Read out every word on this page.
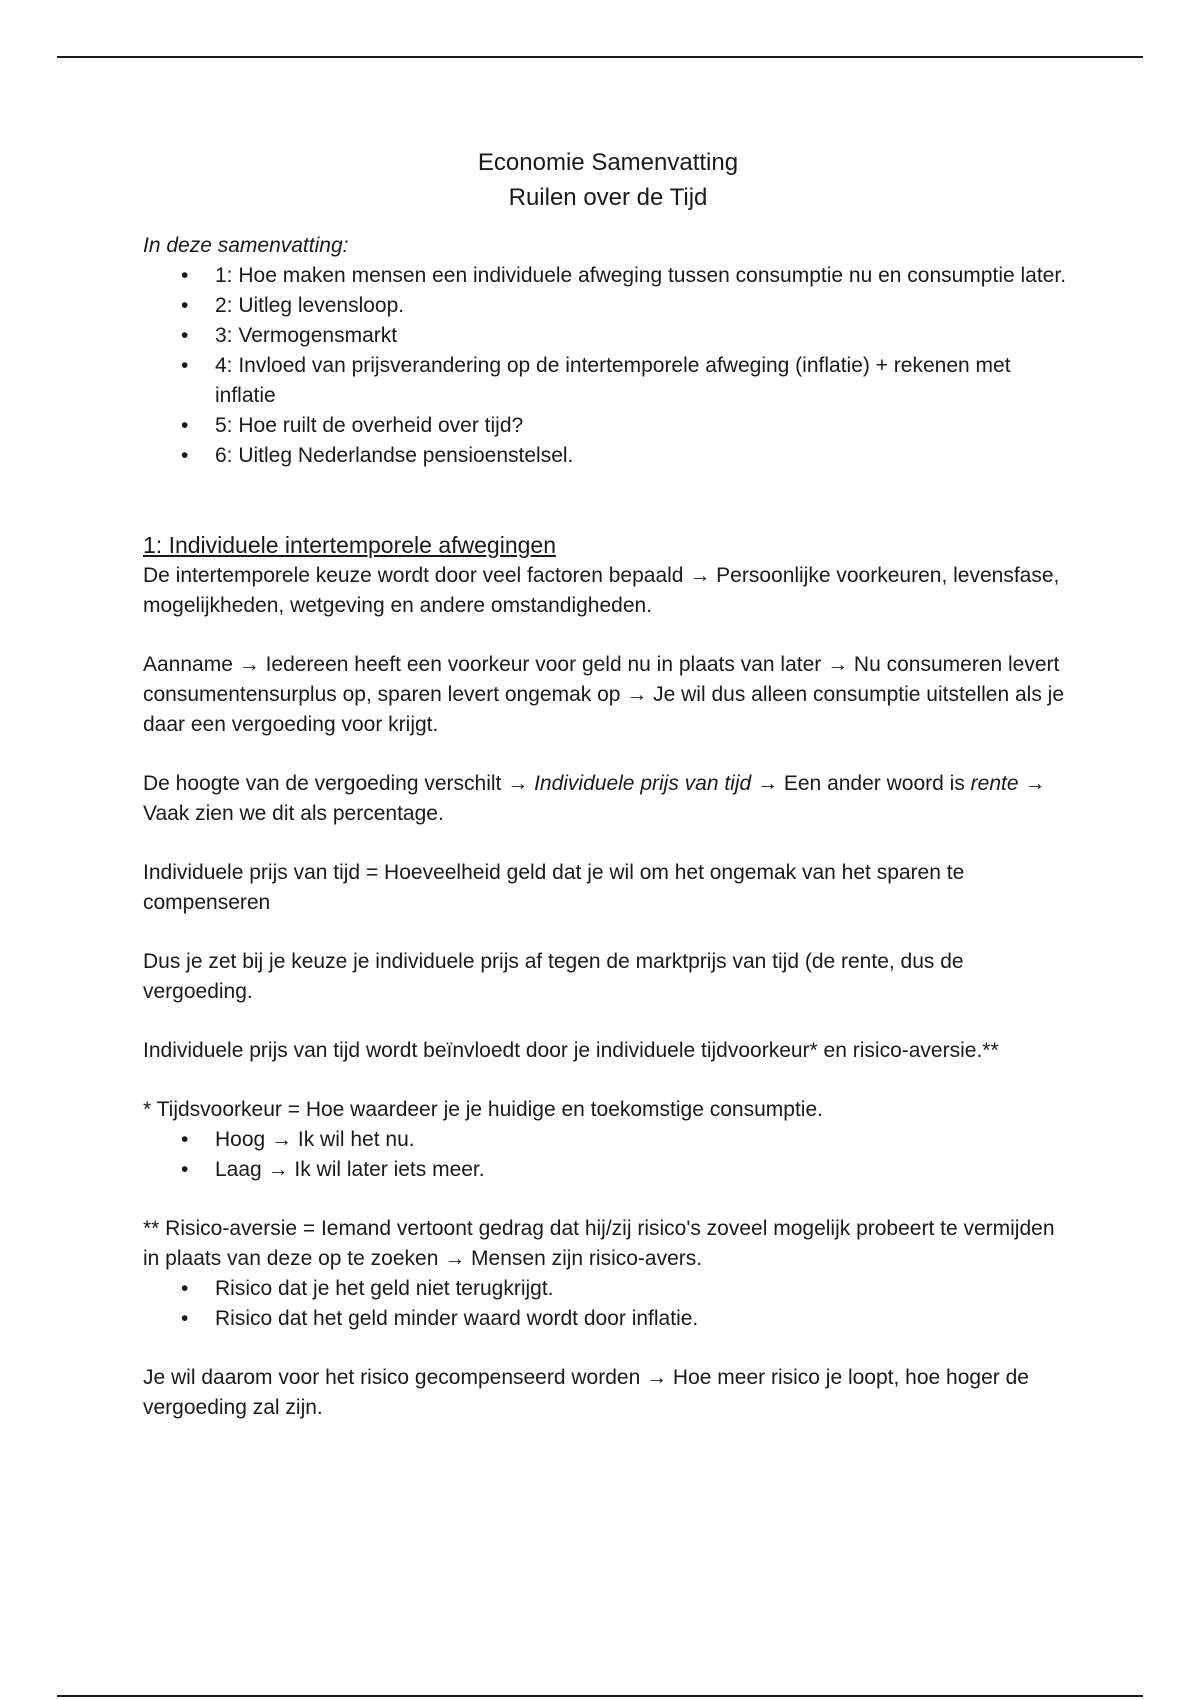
Economie Samenvatting

Ruilen over de Tijd

In deze samenvatting:

• 1: Hoe maken mensen een individuele afweging tussen consumptie nu en consumptie later.
• 2: Uitleg levensloop.
• 3: Vermogensmarkt
• 4: Invloed van prijsverandering op de intertemporele afweging (inflatie) + rekenen met inflatie
• 5: Hoe ruilt de overheid over tijd?
• 6: Uitleg Nederlandse pensioenstelsel.
1: Individuele intertemporele afwegingen

De intertemporele keuze wordt door veel factoren bepaald → Persoonlijke voorkeuren, levensfase, mogelijkheden, wetgeving en andere omstandigheden.

Aanname → Iedereen heeft een voorkeur voor geld nu in plaats van later → Nu consumeren levert consumentensurplus op, sparen levert ongemak op → Je wil dus alleen consumptie uitstellen als je daar een vergoeding voor krijgt.

De hoogte van de vergoeding verschilt → Individuele prijs van tijd → Een ander woord is rente → Vaak zien we dit als percentage.

Individuele prijs van tijd = Hoeveelheid geld dat je wil om het ongemak van het sparen te compenseren

Dus je zet bij je keuze je individuele prijs af tegen de marktprijs van tijd (de rente, dus de vergoeding.

Individuele prijs van tijd wordt beïnvloedt door je individuele tijdvoorkeur* en risico-aversie.**

* Tijdsvoorkeur = Hoe waardeer je je huidige en toekomstige consumptie.

• Hoog → Ik wil het nu.
• Laag → Ik wil later iets meer.

** Risico-aversie = Iemand vertoont gedrag dat hij/zij risico's zoveel mogelijk probeert te vermijden in plaats van deze op te zoeken → Mensen zijn risico-avers.

• Risico dat je het geld niet terugkrijgt.
• Risico dat het geld minder waard wordt door inflatie.

Je wil daarom voor het risico gecompenseerd worden → Hoe meer risico je loopt, hoe hoger de vergoeding zal zijn.
